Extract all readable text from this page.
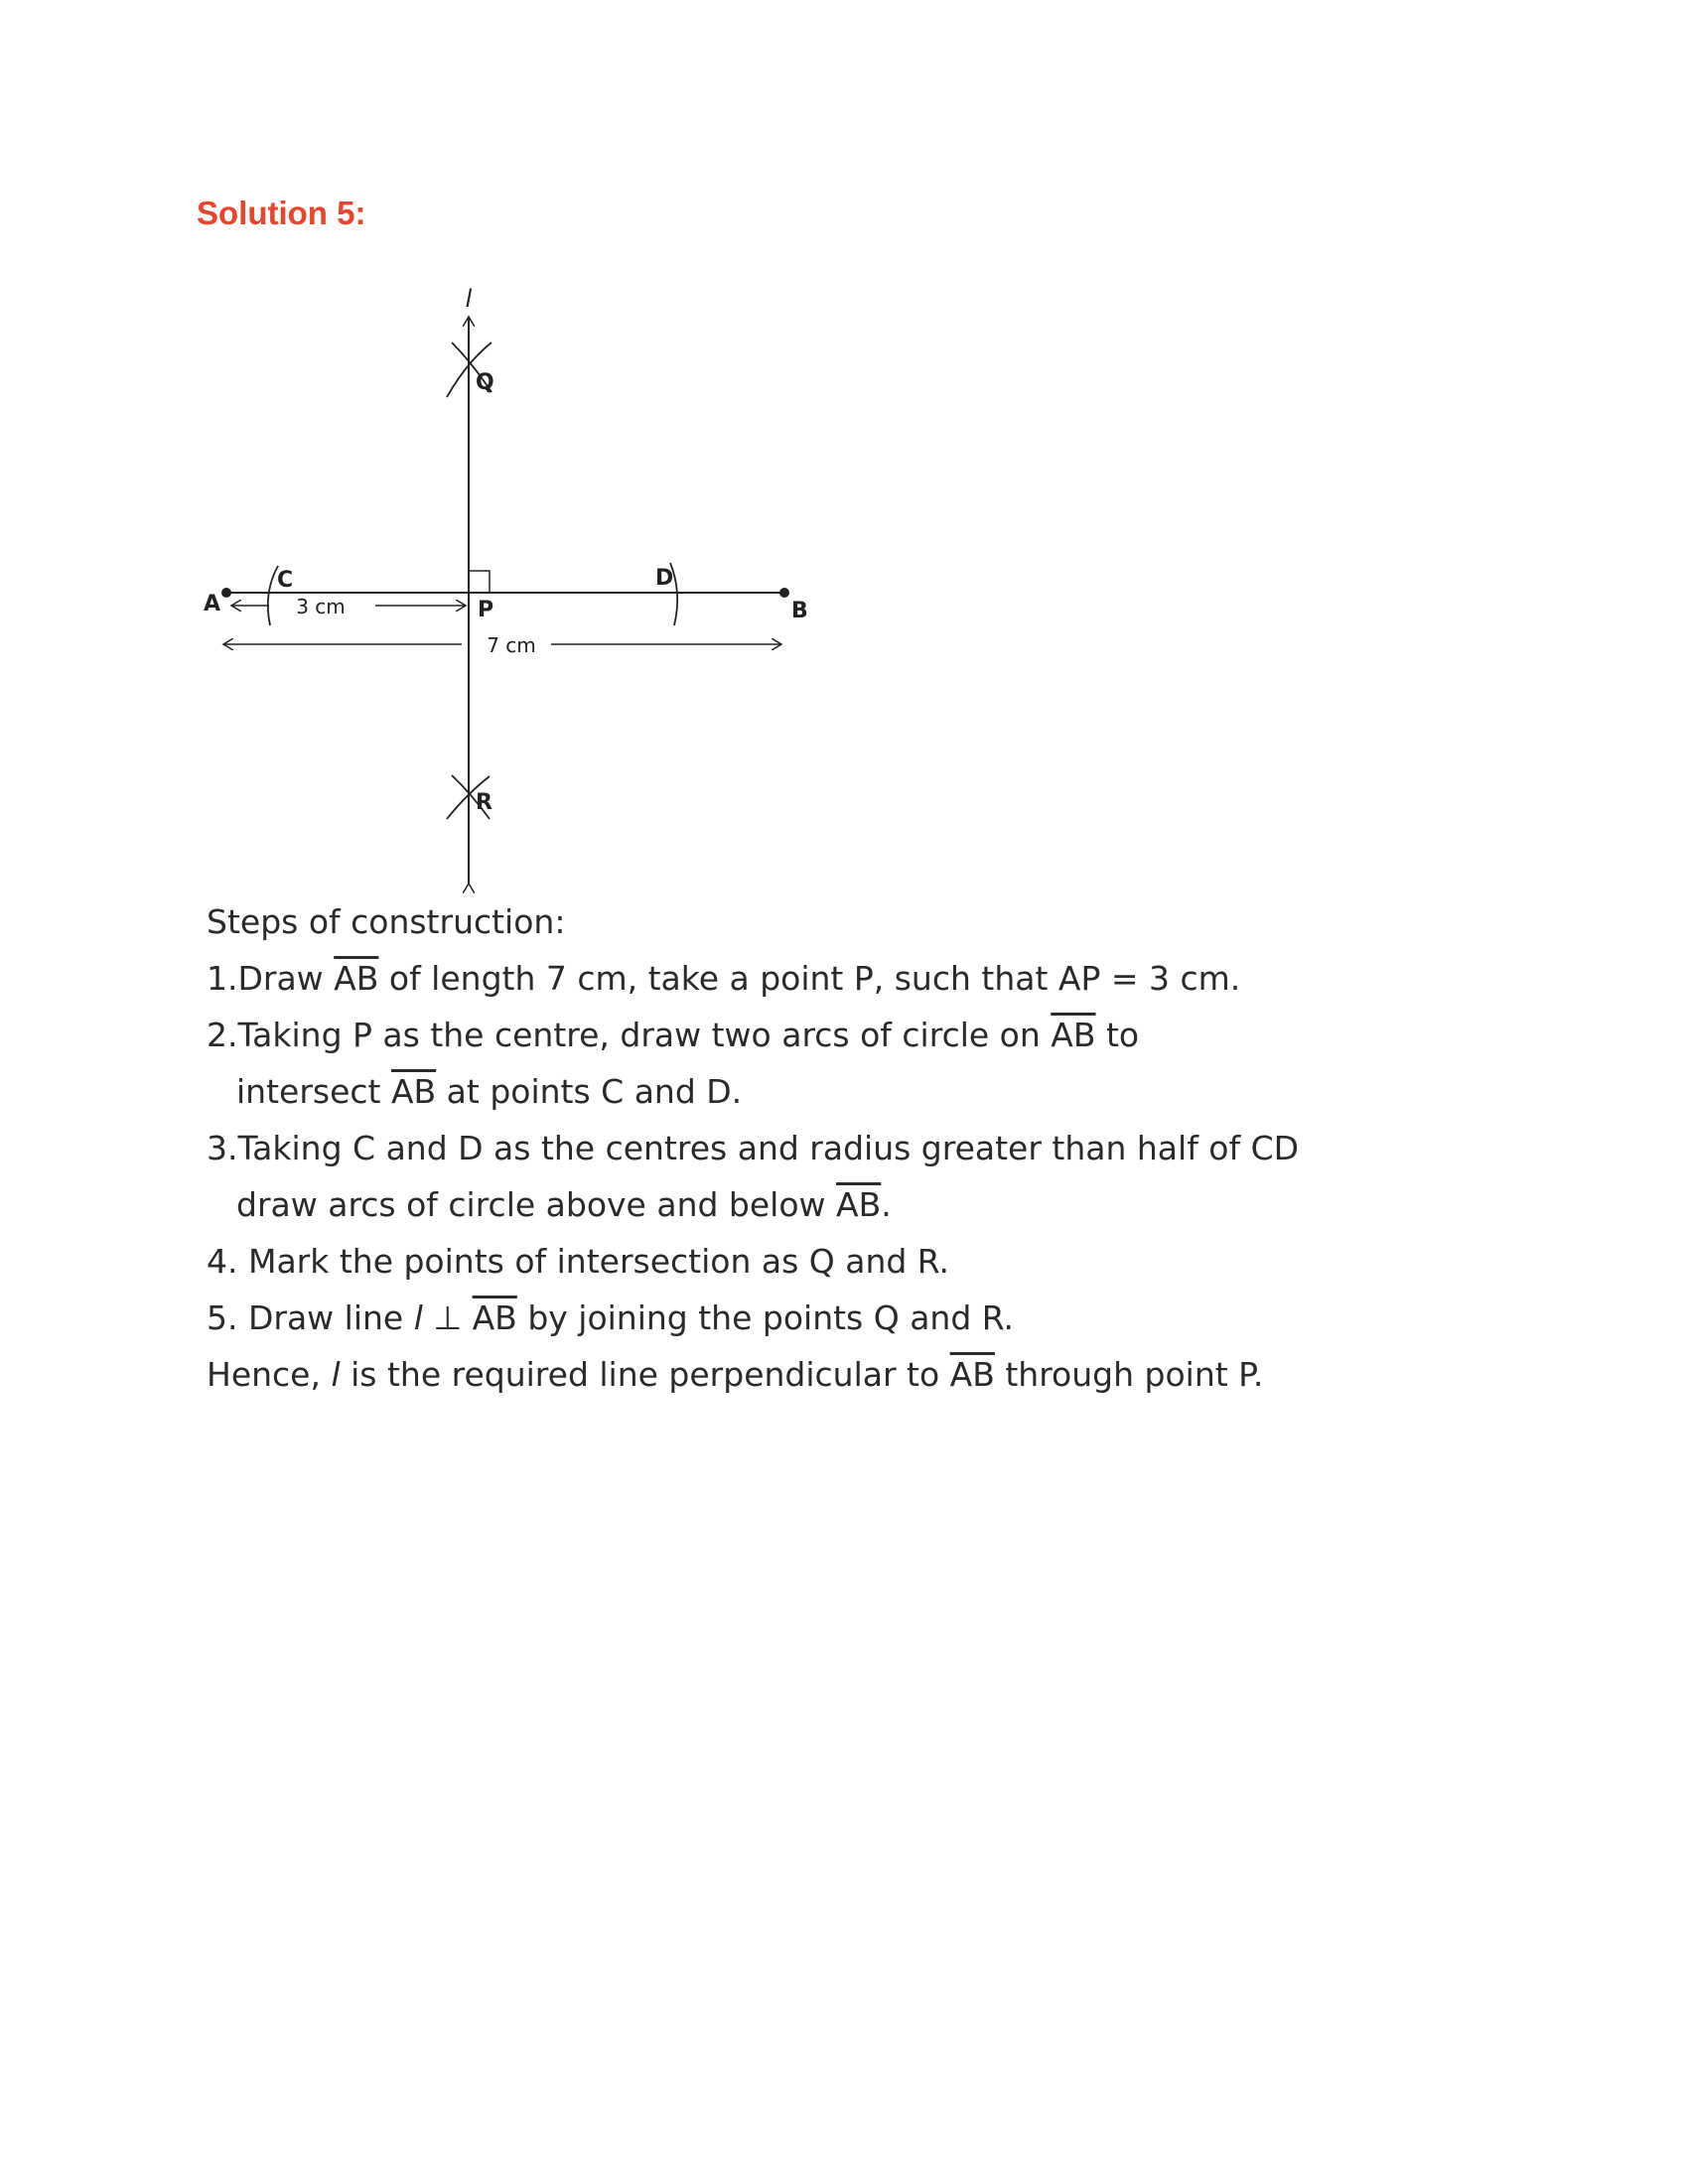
Solution 5:
l
Q
R
A	B
C	D
P
3 cm
7 cm
Steps of construction:
1.Draw $\overline{AB}$ of length 7 cm, take a point P, such that AP = 3 cm.
2.Taking P as the centre, draw two arcs of circle on $\overline{AB}$ to
intersect $\overline{AB}$ at points C and D.
3.Taking C and D as the centres and radius greater than half of CD
draw arcs of circle above and below $\overline{AB}$.
4. Mark the points of intersection as Q and R.
5. Draw line l ⊥ $\overline{AB}$ by joining the points Q and R.
Hence, l is the required line perpendicular to $\overline{AB}$ through point P.
